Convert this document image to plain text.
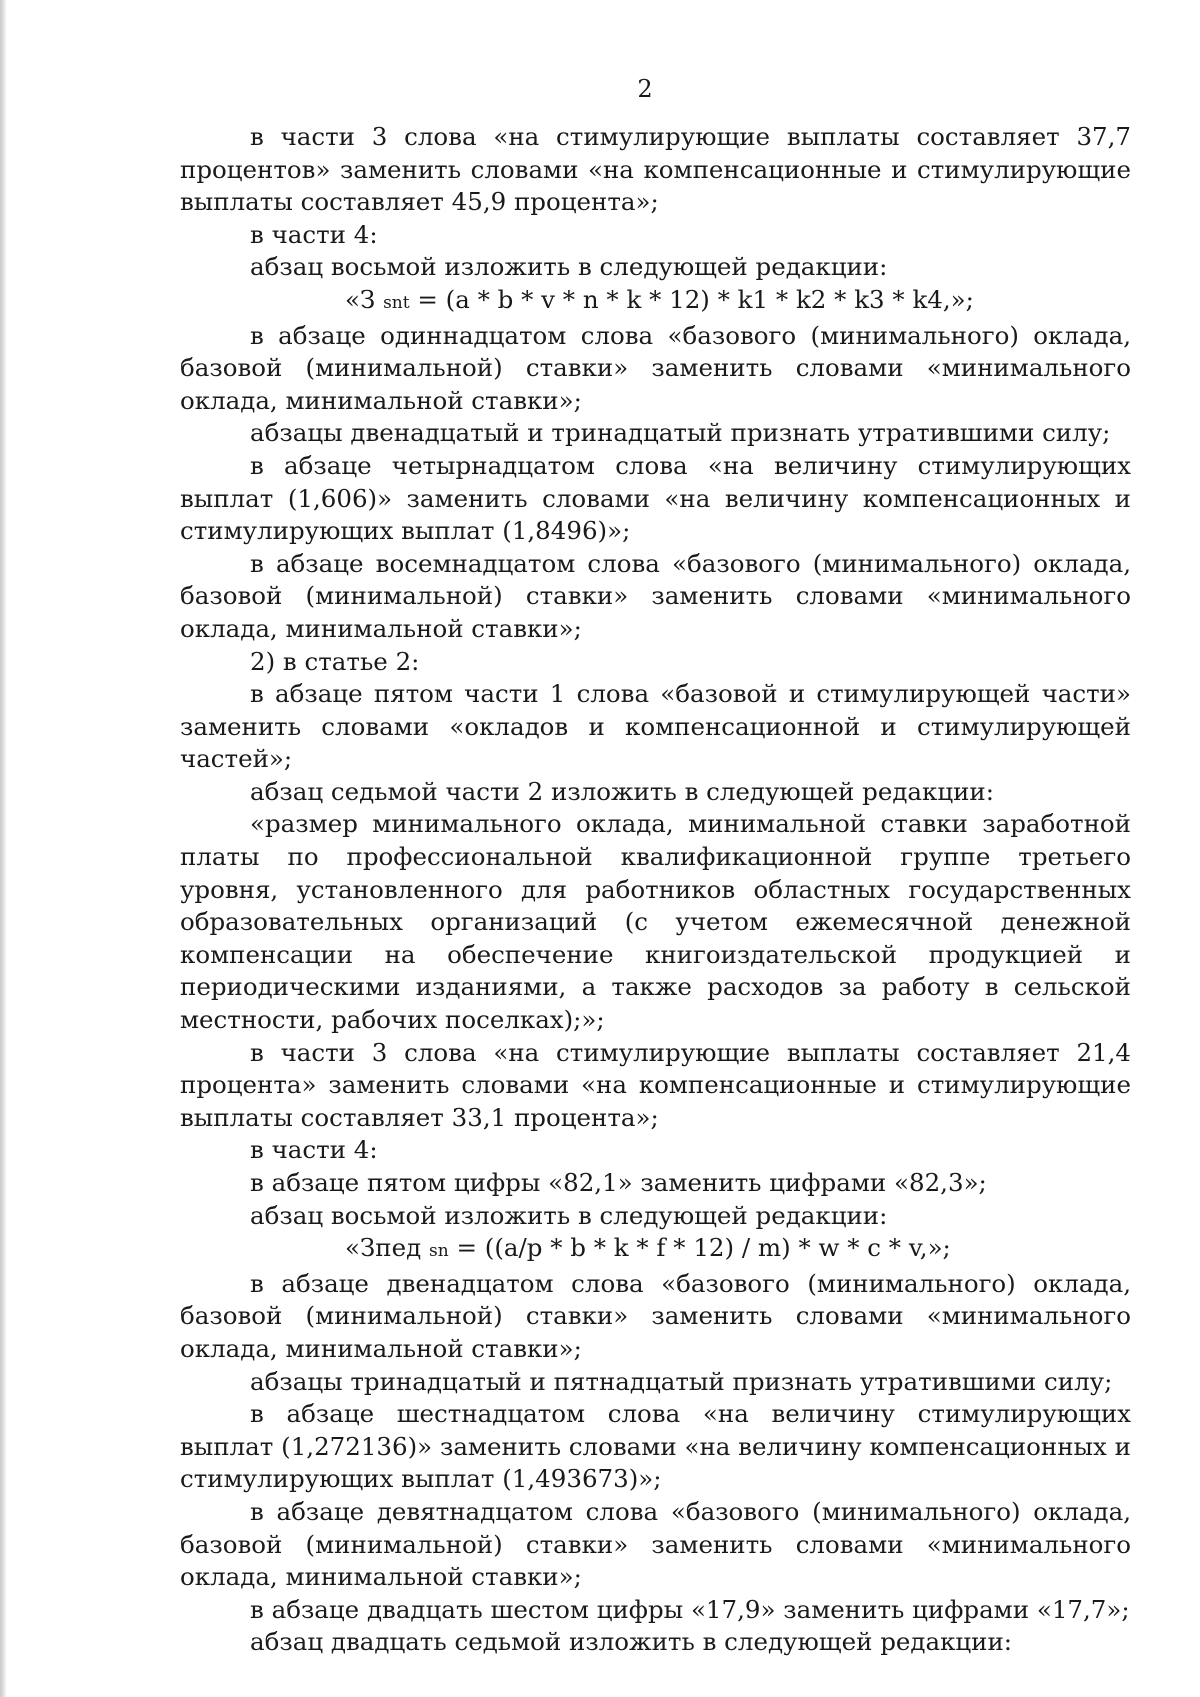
2

в части 3 слова «на стимулирующие выплаты составляет 37,7 процентов» заменить словами «на компенсационные и стимулирующие выплаты составляет 45,9 процента»;

в части 4:

абзац восьмой изложить в следующей редакции:

«З snt = (a * b * v * n * k * 12) * k1 * k2 * k3 * k4,»;

в абзаце одиннадцатом слова «базового (минимального) оклада, базовой (минимальной) ставки» заменить словами «минимального оклада, минимальной ставки»;

абзацы двенадцатый и тринадцатый признать утратившими силу;

в абзаце четырнадцатом слова «на величину стимулирующих выплат (1,606)» заменить словами «на величину компенсационных и стимулирующих выплат (1,8496)»;

в абзаце восемнадцатом слова «базового (минимального) оклада, базовой (минимальной) ставки» заменить словами «минимального оклада, минимальной ставки»;

2) в статье 2:

в абзаце пятом части 1 слова «базовой и стимулирующей части» заменить словами «окладов и компенсационной и стимулирующей частей»;

абзац седьмой части 2 изложить в следующей редакции:

«размер минимального оклада, минимальной ставки заработной платы по профессиональной квалификационной группе третьего уровня, установленного для работников областных государственных образовательных организаций (с учетом ежемесячной денежной компенсации на обеспечение книгоиздательской продукцией и периодическими изданиями, а также расходов за работу в сельской местности, рабочих поселках);»;

в части 3 слова «на стимулирующие выплаты составляет 21,4 процента» заменить словами «на компенсационные и стимулирующие выплаты составляет 33,1 процента»;

в части 4:

в абзаце пятом цифры «82,1» заменить цифрами «82,3»;

абзац восьмой изложить в следующей редакции:

«Зпед sn = ((a/p * b * k * f * 12) / m) * w * c * v,»;

в абзаце двенадцатом слова «базового (минимального) оклада, базовой (минимальной) ставки» заменить словами «минимального оклада, минимальной ставки»;

абзацы тринадцатый и пятнадцатый признать утратившими силу;

в абзаце шестнадцатом слова «на величину стимулирующих выплат (1,272136)» заменить словами «на величину компенсационных и стимулирующих выплат (1,493673)»;

в абзаце девятнадцатом слова «базового (минимального) оклада, базовой (минимальной) ставки» заменить словами «минимального оклада, минимальной ставки»;

в абзаце двадцать шестом цифры «17,9» заменить цифрами «17,7»;

абзац двадцать седьмой изложить в следующей редакции:
